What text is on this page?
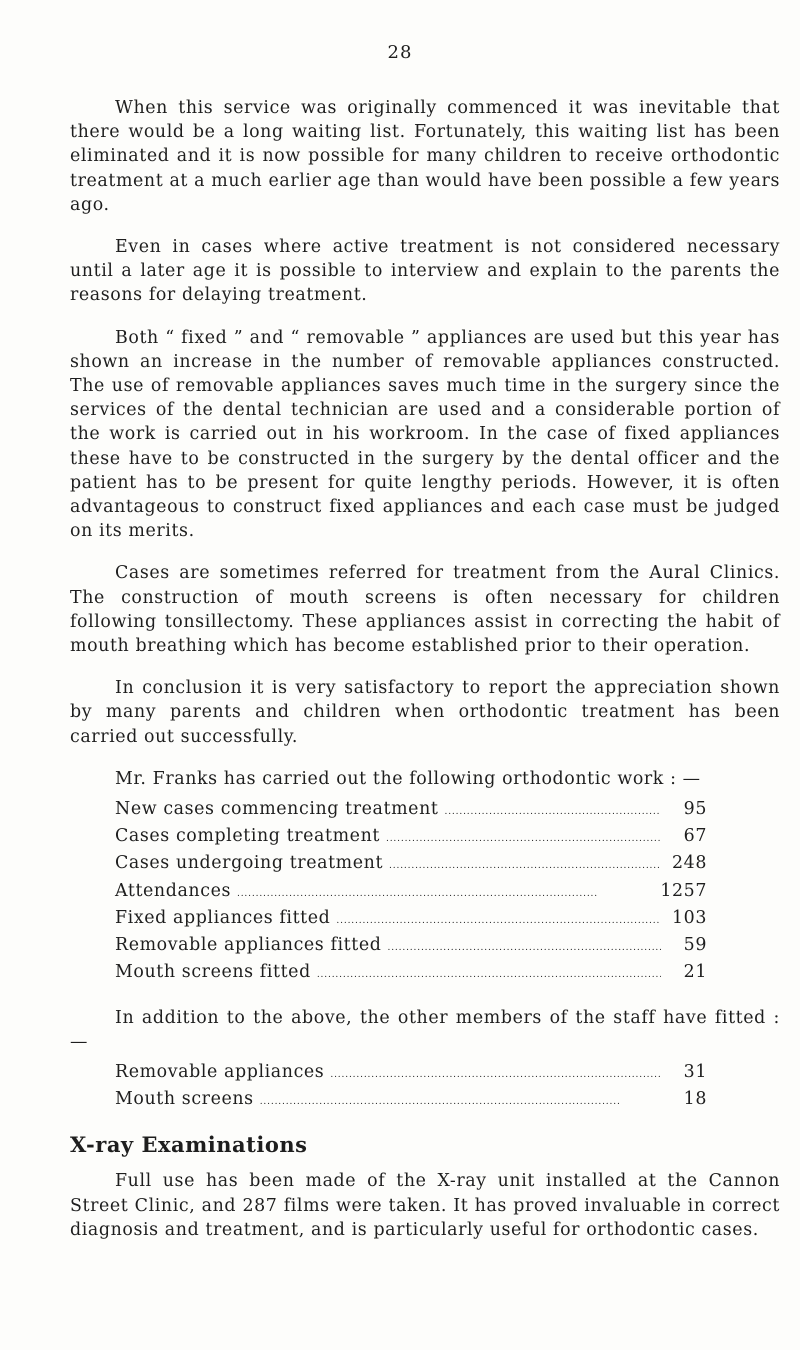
28

When this service was originally commenced it was inevitable that there would be a long waiting list. Fortunately, this waiting list has been eliminated and it is now possible for many children to receive orthodontic treatment at a much earlier age than would have been possible a few years ago.

Even in cases where active treatment is not considered necessary until a later age it is possible to interview and explain to the parents the reasons for delaying treatment.

Both “ fixed ” and “ removable ” appliances are used but this year has shown an increase in the number of removable appliances constructed. The use of removable appliances saves much time in the surgery since the services of the dental technician are used and a considerable portion of the work is carried out in his workroom. In the case of fixed appliances these have to be constructed in the surgery by the dental officer and the patient has to be present for quite lengthy periods. However, it is often advantageous to construct fixed appliances and each case must be judged on its merits.

Cases are sometimes referred for treatment from the Aural Clinics. The construction of mouth screens is often necessary for children following tonsillectomy. These appliances assist in correcting the habit of mouth breathing which has become established prior to their operation.

In conclusion it is very satisfactory to report the appreciation shown by many parents and children when orthodontic treatment has been carried out successfully.

Mr. Franks has carried out the following orthodontic work : —

New cases commencing treatment . . .	95
Cases completing treatment . . .	67
Cases undergoing treatment . . .	248
Attendances . . .	1257
Fixed appliances fitted . . .	103
Removable appliances fitted . . .	59
Mouth screens fitted . . .	21

In addition to the above, the other members of the staff have fitted : —

Removable appliances . . .	31
Mouth screens . . .	18
X-ray Examinations

Full use has been made of the X-ray unit installed at the Cannon Street Clinic, and 287 films were taken. It has proved invaluable in correct diagnosis and treatment, and is particularly useful for orthodontic cases.
